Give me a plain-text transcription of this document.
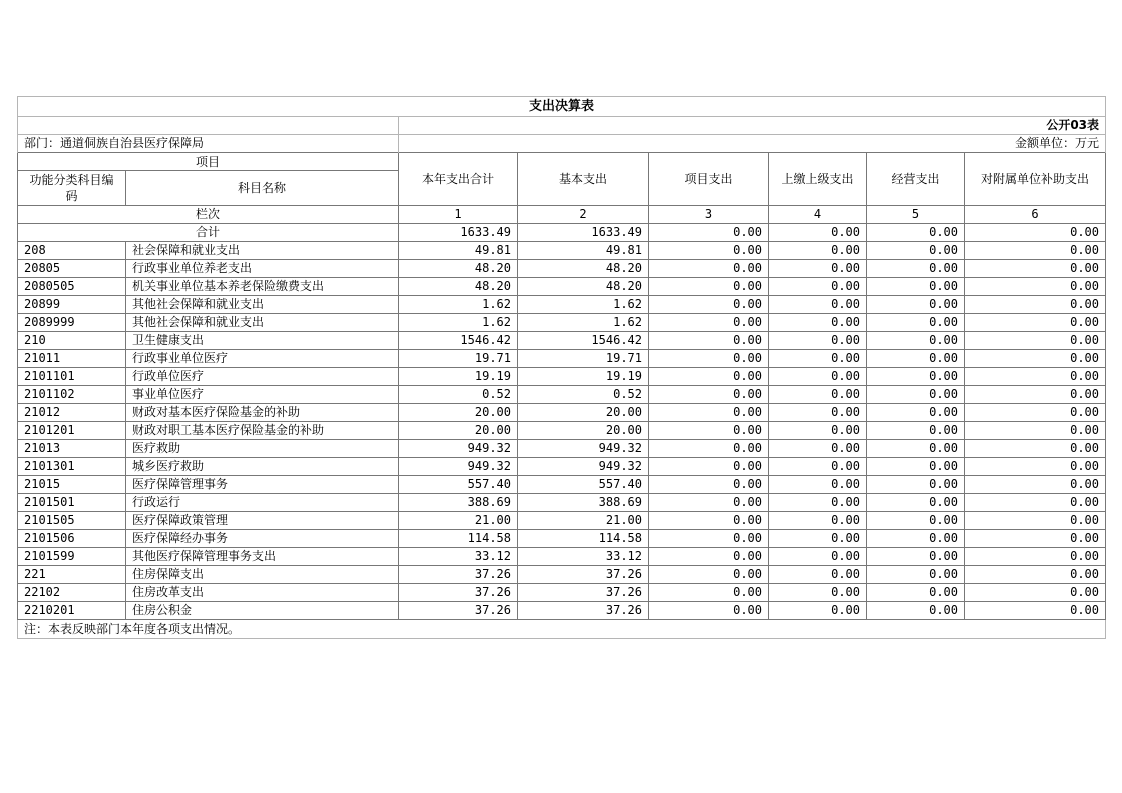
支出决算表							
		公开03表					
部门：通道侗族自治县医疗保障局		金额单位：万元					
项目		本年支出合计	基本支出	项目支出	上缴上级支出	经营支出	对附属单位补助支出
功能分类科目编码	科目名称						
栏次		1	2	3	4	5	6
合计		1633.49	1633.49	0.00	0.00	0.00	0.00
208	社会保障和就业支出	49.81	49.81	0.00	0.00	0.00	0.00
20805	行政事业单位养老支出	48.20	48.20	0.00	0.00	0.00	0.00
2080505	机关事业单位基本养老保险缴费支出	48.20	48.20	0.00	0.00	0.00	0.00
20899	其他社会保障和就业支出	1.62	1.62	0.00	0.00	0.00	0.00
2089999	其他社会保障和就业支出	1.62	1.62	0.00	0.00	0.00	0.00
210	卫生健康支出	1546.42	1546.42	0.00	0.00	0.00	0.00
21011	行政事业单位医疗	19.71	19.71	0.00	0.00	0.00	0.00
2101101	行政单位医疗	19.19	19.19	0.00	0.00	0.00	0.00
2101102	事业单位医疗	0.52	0.52	0.00	0.00	0.00	0.00
21012	财政对基本医疗保险基金的补助	20.00	20.00	0.00	0.00	0.00	0.00
2101201	财政对职工基本医疗保险基金的补助	20.00	20.00	0.00	0.00	0.00	0.00
21013	医疗救助	949.32	949.32	0.00	0.00	0.00	0.00
2101301	城乡医疗救助	949.32	949.32	0.00	0.00	0.00	0.00
21015	医疗保障管理事务	557.40	557.40	0.00	0.00	0.00	0.00
2101501	行政运行	388.69	388.69	0.00	0.00	0.00	0.00
2101505	医疗保障政策管理	21.00	21.00	0.00	0.00	0.00	0.00
2101506	医疗保障经办事务	114.58	114.58	0.00	0.00	0.00	0.00
2101599	其他医疗保障管理事务支出	33.12	33.12	0.00	0.00	0.00	0.00
221	住房保障支出	37.26	37.26	0.00	0.00	0.00	0.00
22102	住房改革支出	37.26	37.26	0.00	0.00	0.00	0.00
2210201	住房公积金	37.26	37.26	0.00	0.00	0.00	0.00
注：本表反映部门本年度各项支出情况。							
